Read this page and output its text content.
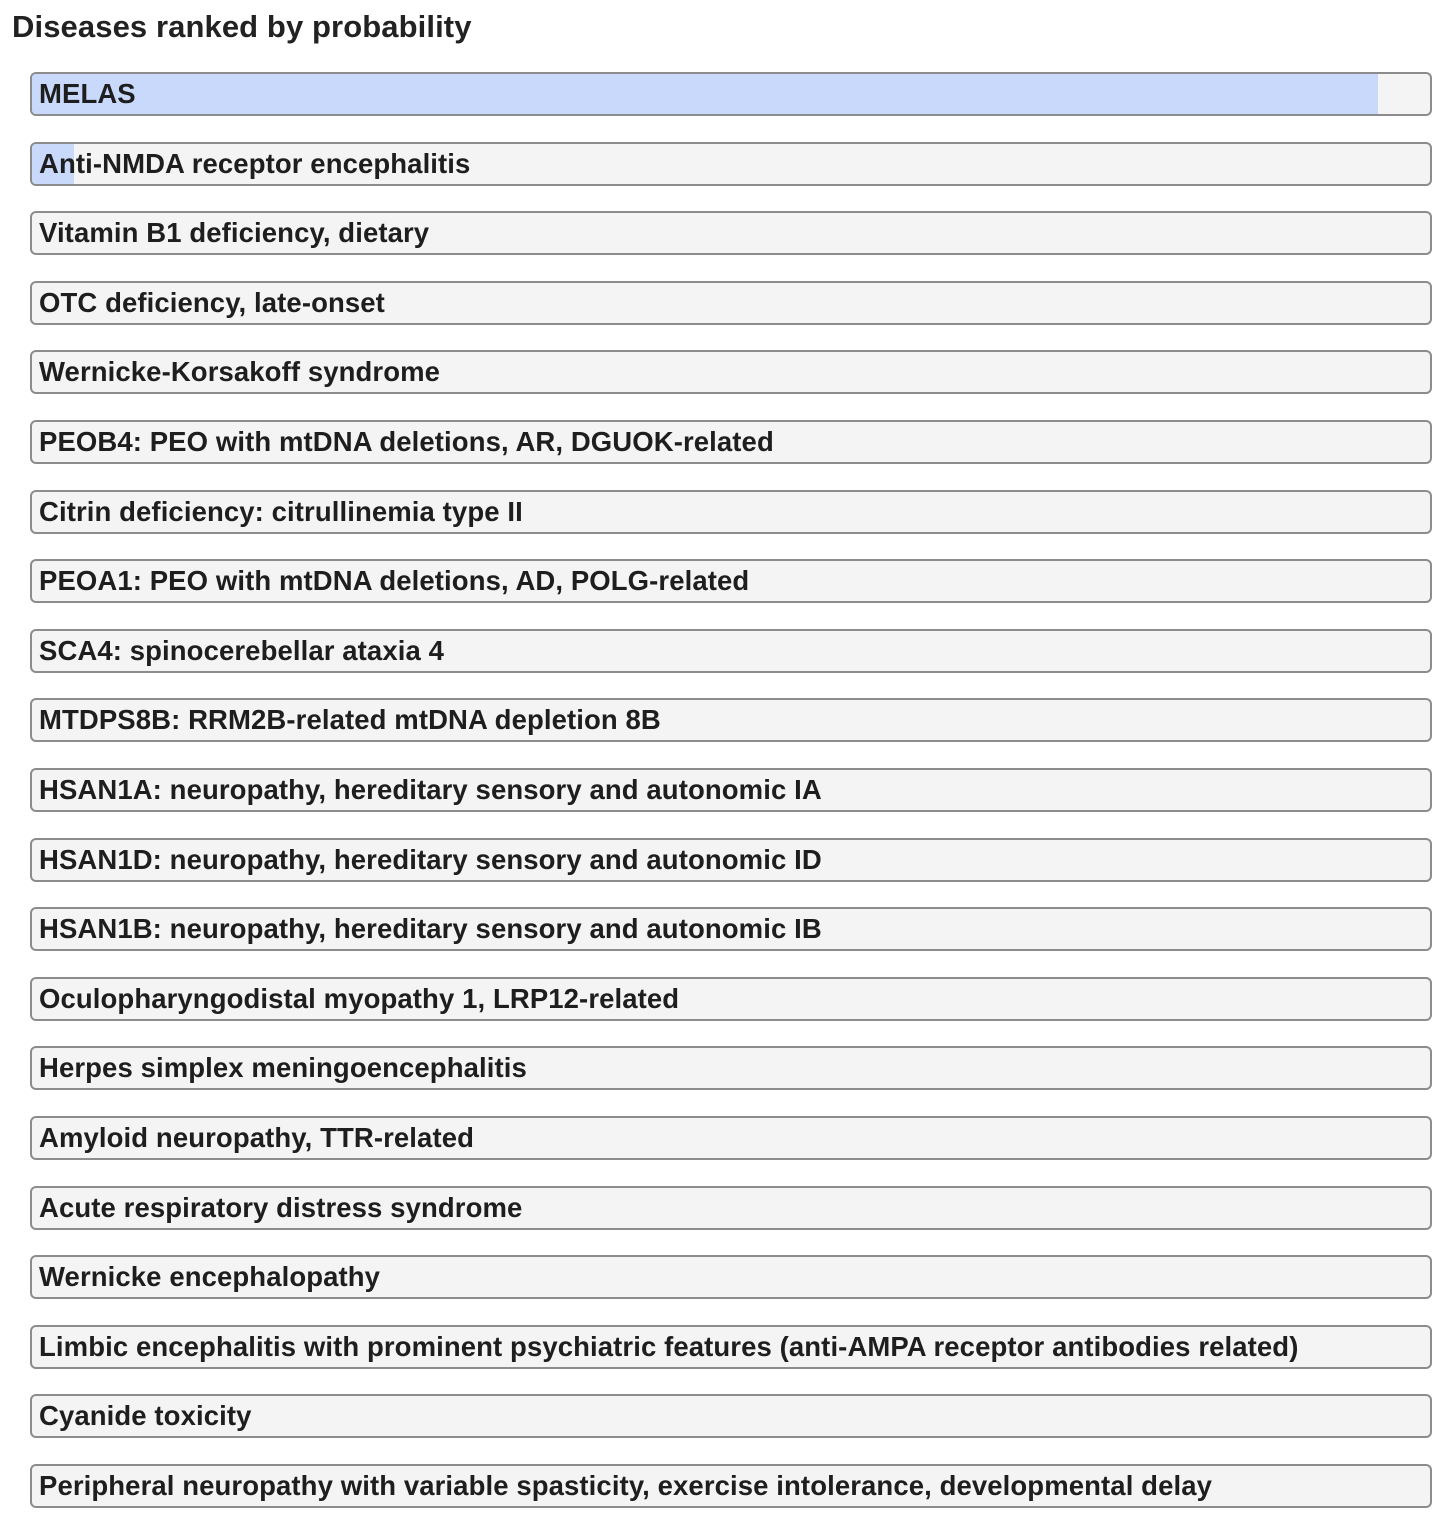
Diseases ranked by probability
MELAS
Anti-NMDA receptor encephalitis
Vitamin B1 deficiency, dietary
OTC deficiency, late-onset
Wernicke-Korsakoff syndrome
PEOB4: PEO with mtDNA deletions, AR, DGUOK-related
Citrin deficiency: citrullinemia type II
PEOA1: PEO with mtDNA deletions, AD, POLG-related
SCA4: spinocerebellar ataxia 4
MTDPS8B: RRM2B-related mtDNA depletion 8B
HSAN1A: neuropathy, hereditary sensory and autonomic IA
HSAN1D: neuropathy, hereditary sensory and autonomic ID
HSAN1B: neuropathy, hereditary sensory and autonomic IB
Oculopharyngodistal myopathy 1, LRP12-related
Herpes simplex meningoencephalitis
Amyloid neuropathy, TTR-related
Acute respiratory distress syndrome
Wernicke encephalopathy
Limbic encephalitis with prominent psychiatric features (anti-AMPA receptor antibodies related)
Cyanide toxicity
Peripheral neuropathy with variable spasticity, exercise intolerance, developmental delay
